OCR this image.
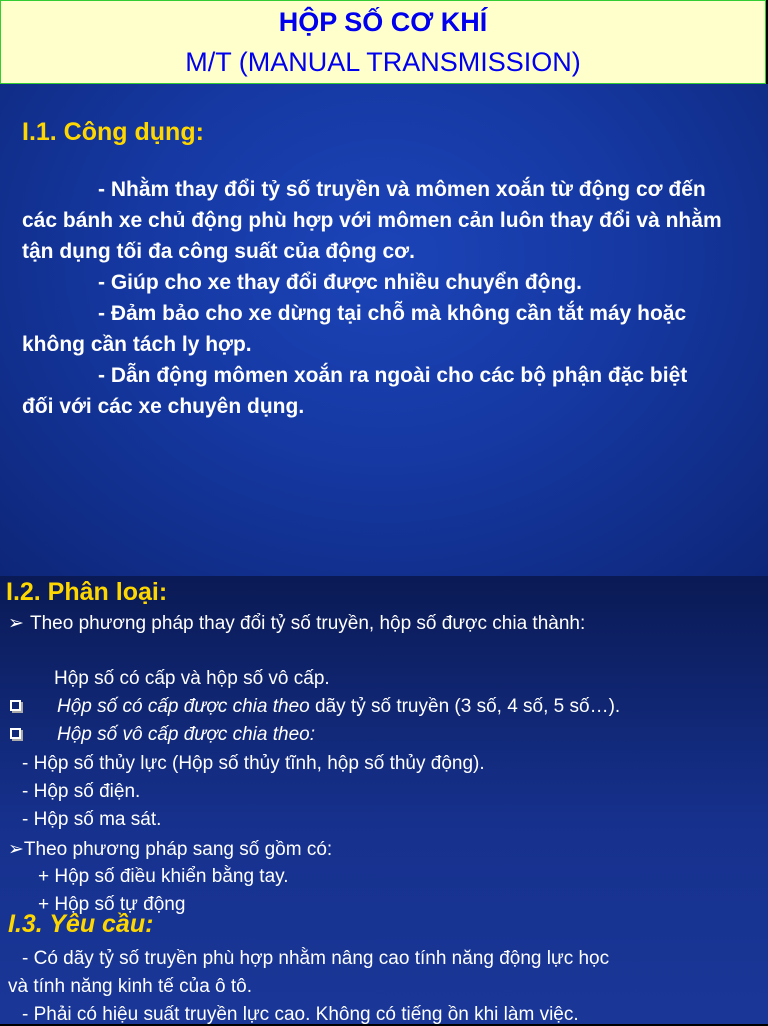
HỘP SỐ CƠ KHÍ
M/T (MANUAL TRANSMISSION)
I.1. Công dụng:

- Nhằm thay đổi tỷ số truyền và mômen xoắn từ động cơ đến các bánh xe chủ động phù hợp với mômen cản luôn thay đổi và nhằm tận dụng tối đa công suất của động cơ.

- Giúp cho xe thay đổi được nhiều chuyển động.

- Đảm bảo cho xe dừng tại chỗ mà không cần tắt máy hoặc không cần tách ly hợp.

- Dẫn động mômen xoắn ra ngoài cho các bộ phận đặc biệt đối với các xe chuyên dụng.

I.2. Phân loại:
➢ Theo phương pháp thay đổi tỷ số truyền, hộp số được chia thành:
Hộp số có cấp và hộp số vô cấp.
Hộp số có cấp được chia theo dãy tỷ số truyền (3 số, 4 số, 5 số…).
Hộp số vô cấp được chia theo:
- Hộp số thủy lực (Hộp số thủy tĩnh, hộp số thủy động).
- Hộp số điện.
- Hộp số ma sát.
➢Theo phương pháp sang số gồm có:
+ Hộp số điều khiển bằng tay.
+ Hộp số tự động
I.3. Yêu cầu:
- Có dãy tỷ số truyền phù hợp nhằm nâng cao tính năng động lực học
và tính năng kinh tế của ô tô.
- Phải có hiệu suất truyền lực cao. Không có tiếng ồn khi làm việc.
